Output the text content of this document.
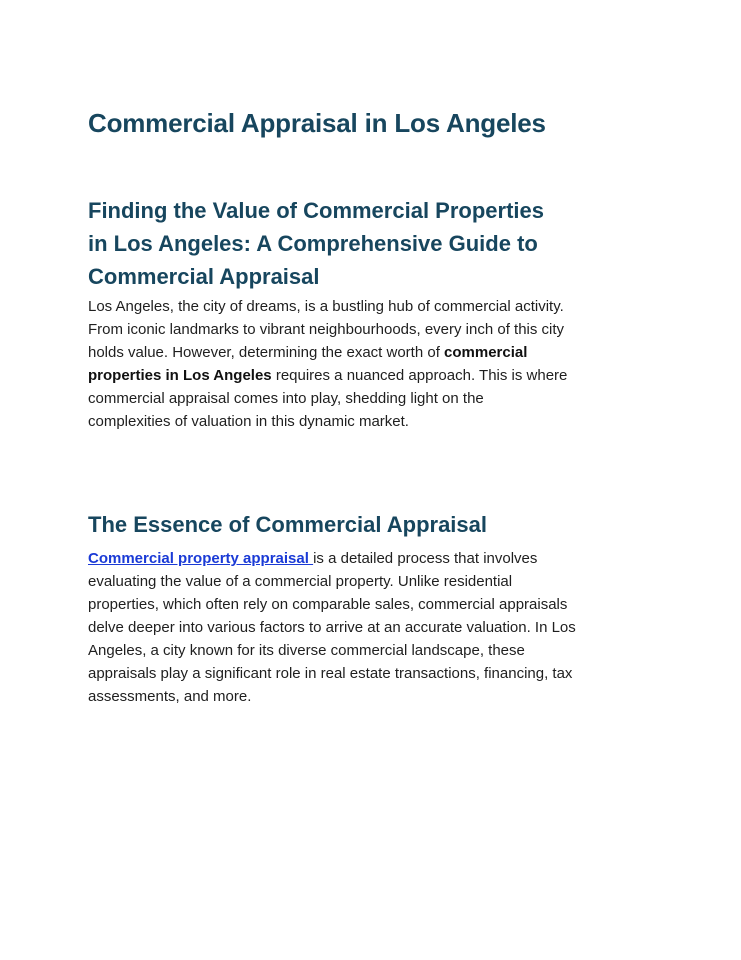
Commercial Appraisal in Los Angeles
Finding the Value of Commercial Properties in Los Angeles: A Comprehensive Guide to Commercial Appraisal

Los Angeles, the city of dreams, is a bustling hub of commercial activity. From iconic landmarks to vibrant neighbourhoods, every inch of this city holds value. However, determining the exact worth of commercial properties in Los Angeles requires a nuanced approach. This is where commercial appraisal comes into play, shedding light on the complexities of valuation in this dynamic market.

The Essence of Commercial Appraisal

Commercial property appraisal is a detailed process that involves evaluating the value of a commercial property. Unlike residential properties, which often rely on comparable sales, commercial appraisals delve deeper into various factors to arrive at an accurate valuation. In Los Angeles, a city known for its diverse commercial landscape, these appraisals play a significant role in real estate transactions, financing, tax assessments, and more.
